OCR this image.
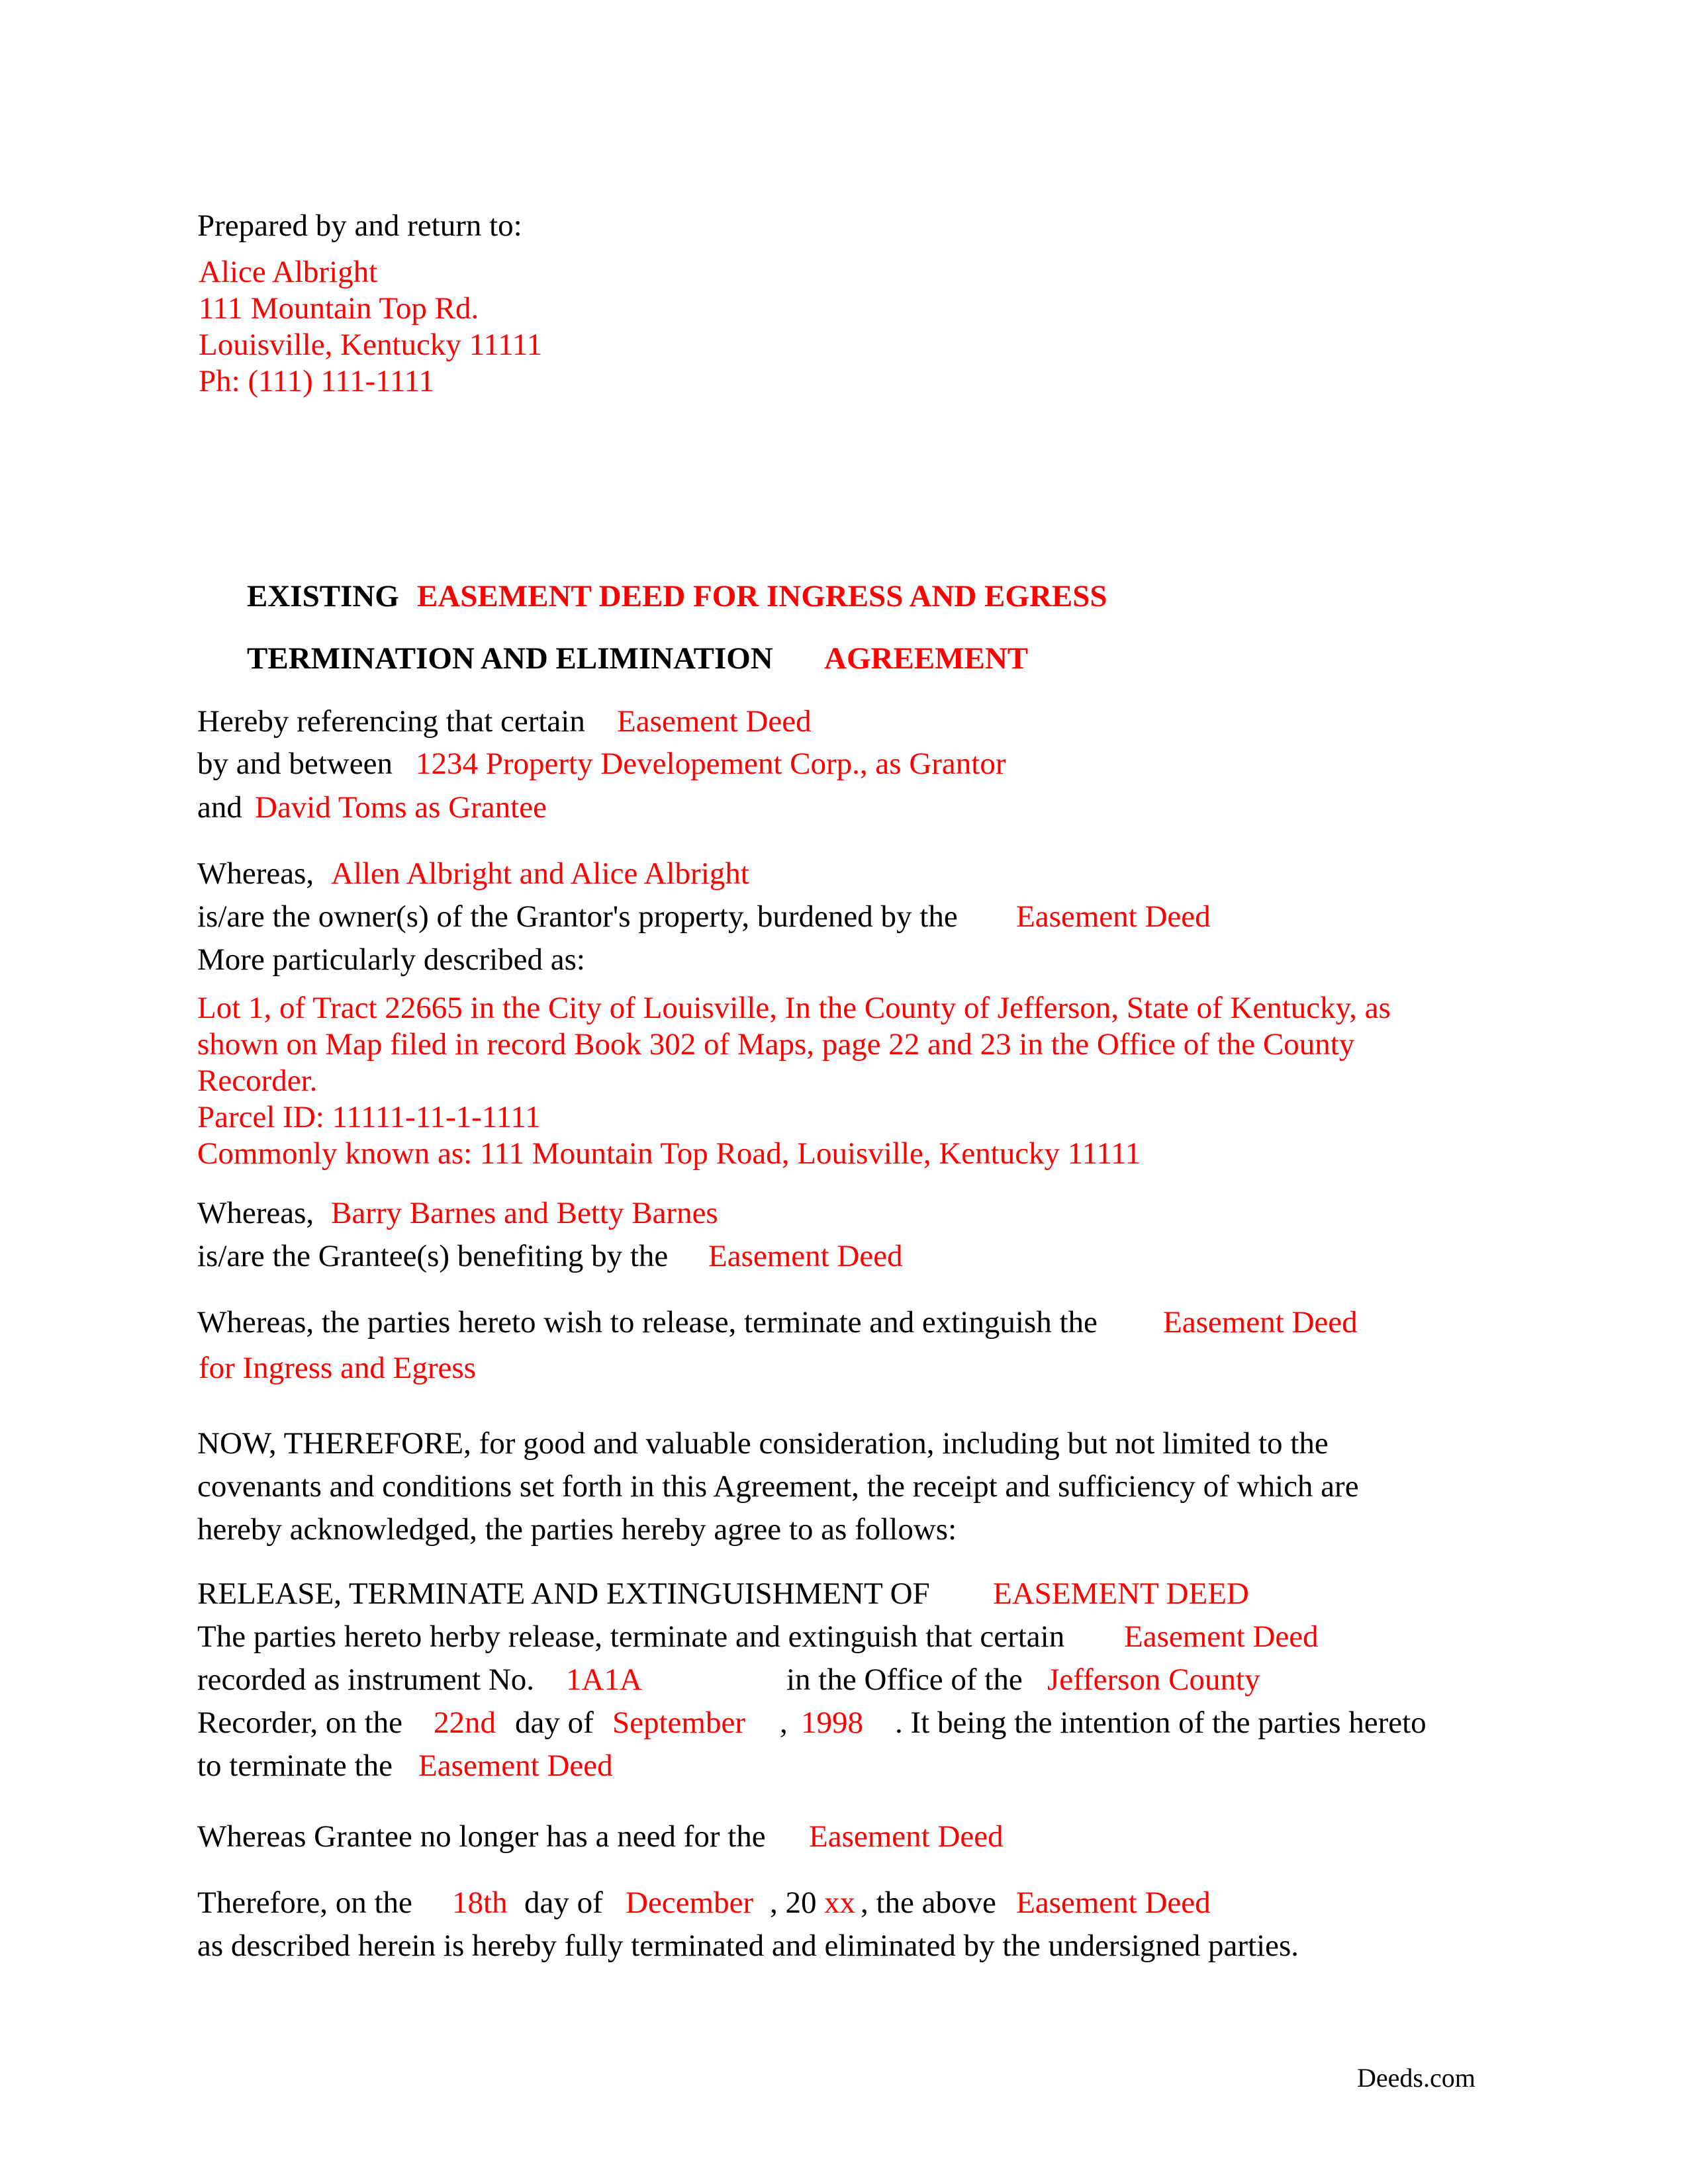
Prepared by and return to:
Alice Albright
111 Mountain Top Rd.
Louisville, Kentucky 11111
Ph: (111) 111-1111
EXISTING EASEMENT DEED FOR INGRESS AND EGRESS
TERMINATION AND ELIMINATION AGREEMENT
Hereby referencing that certain Easement Deed
by and between 1234 Property Developement Corp., as Grantor
and David Toms as Grantee
Whereas, Allen Albright and Alice Albright
is/are the owner(s) of the Grantor's property, burdened by the Easement Deed
More particularly described as:
Lot 1, of Tract 22665 in the City of Louisville, In the County of Jefferson, State of Kentucky, as
shown on Map filed in record Book 302 of Maps, page 22 and 23 in the Office of the County
Recorder.
Parcel ID: 11111-11-1-1111
Commonly known as: 111 Mountain Top Road, Louisville, Kentucky 11111
Whereas, Barry Barnes and Betty Barnes
is/are the Grantee(s) benefiting by the Easement Deed
Whereas, the parties hereto wish to release, terminate and extinguish the Easement Deed
for Ingress and Egress
NOW, THEREFORE, for good and valuable consideration, including but not limited to the
covenants and conditions set forth in this Agreement, the receipt and sufficiency of which are
hereby acknowledged, the parties hereby agree to as follows:
RELEASE, TERMINATE AND EXTINGUISHMENT OF EASEMENT DEED
The parties hereto herby release, terminate and extinguish that certain Easement Deed
recorded as instrument No. 1A1A	in the Office of the Jefferson County
Recorder, on the 22nd day of September , 1998 . It being the intention of the parties hereto
to terminate the Easement Deed
Whereas Grantee no longer has a need for the Easement Deed
Therefore, on the 18th day of December , 20 xx , the above Easement Deed
as described herein is hereby fully terminated and eliminated by the undersigned parties.
Deeds.com
